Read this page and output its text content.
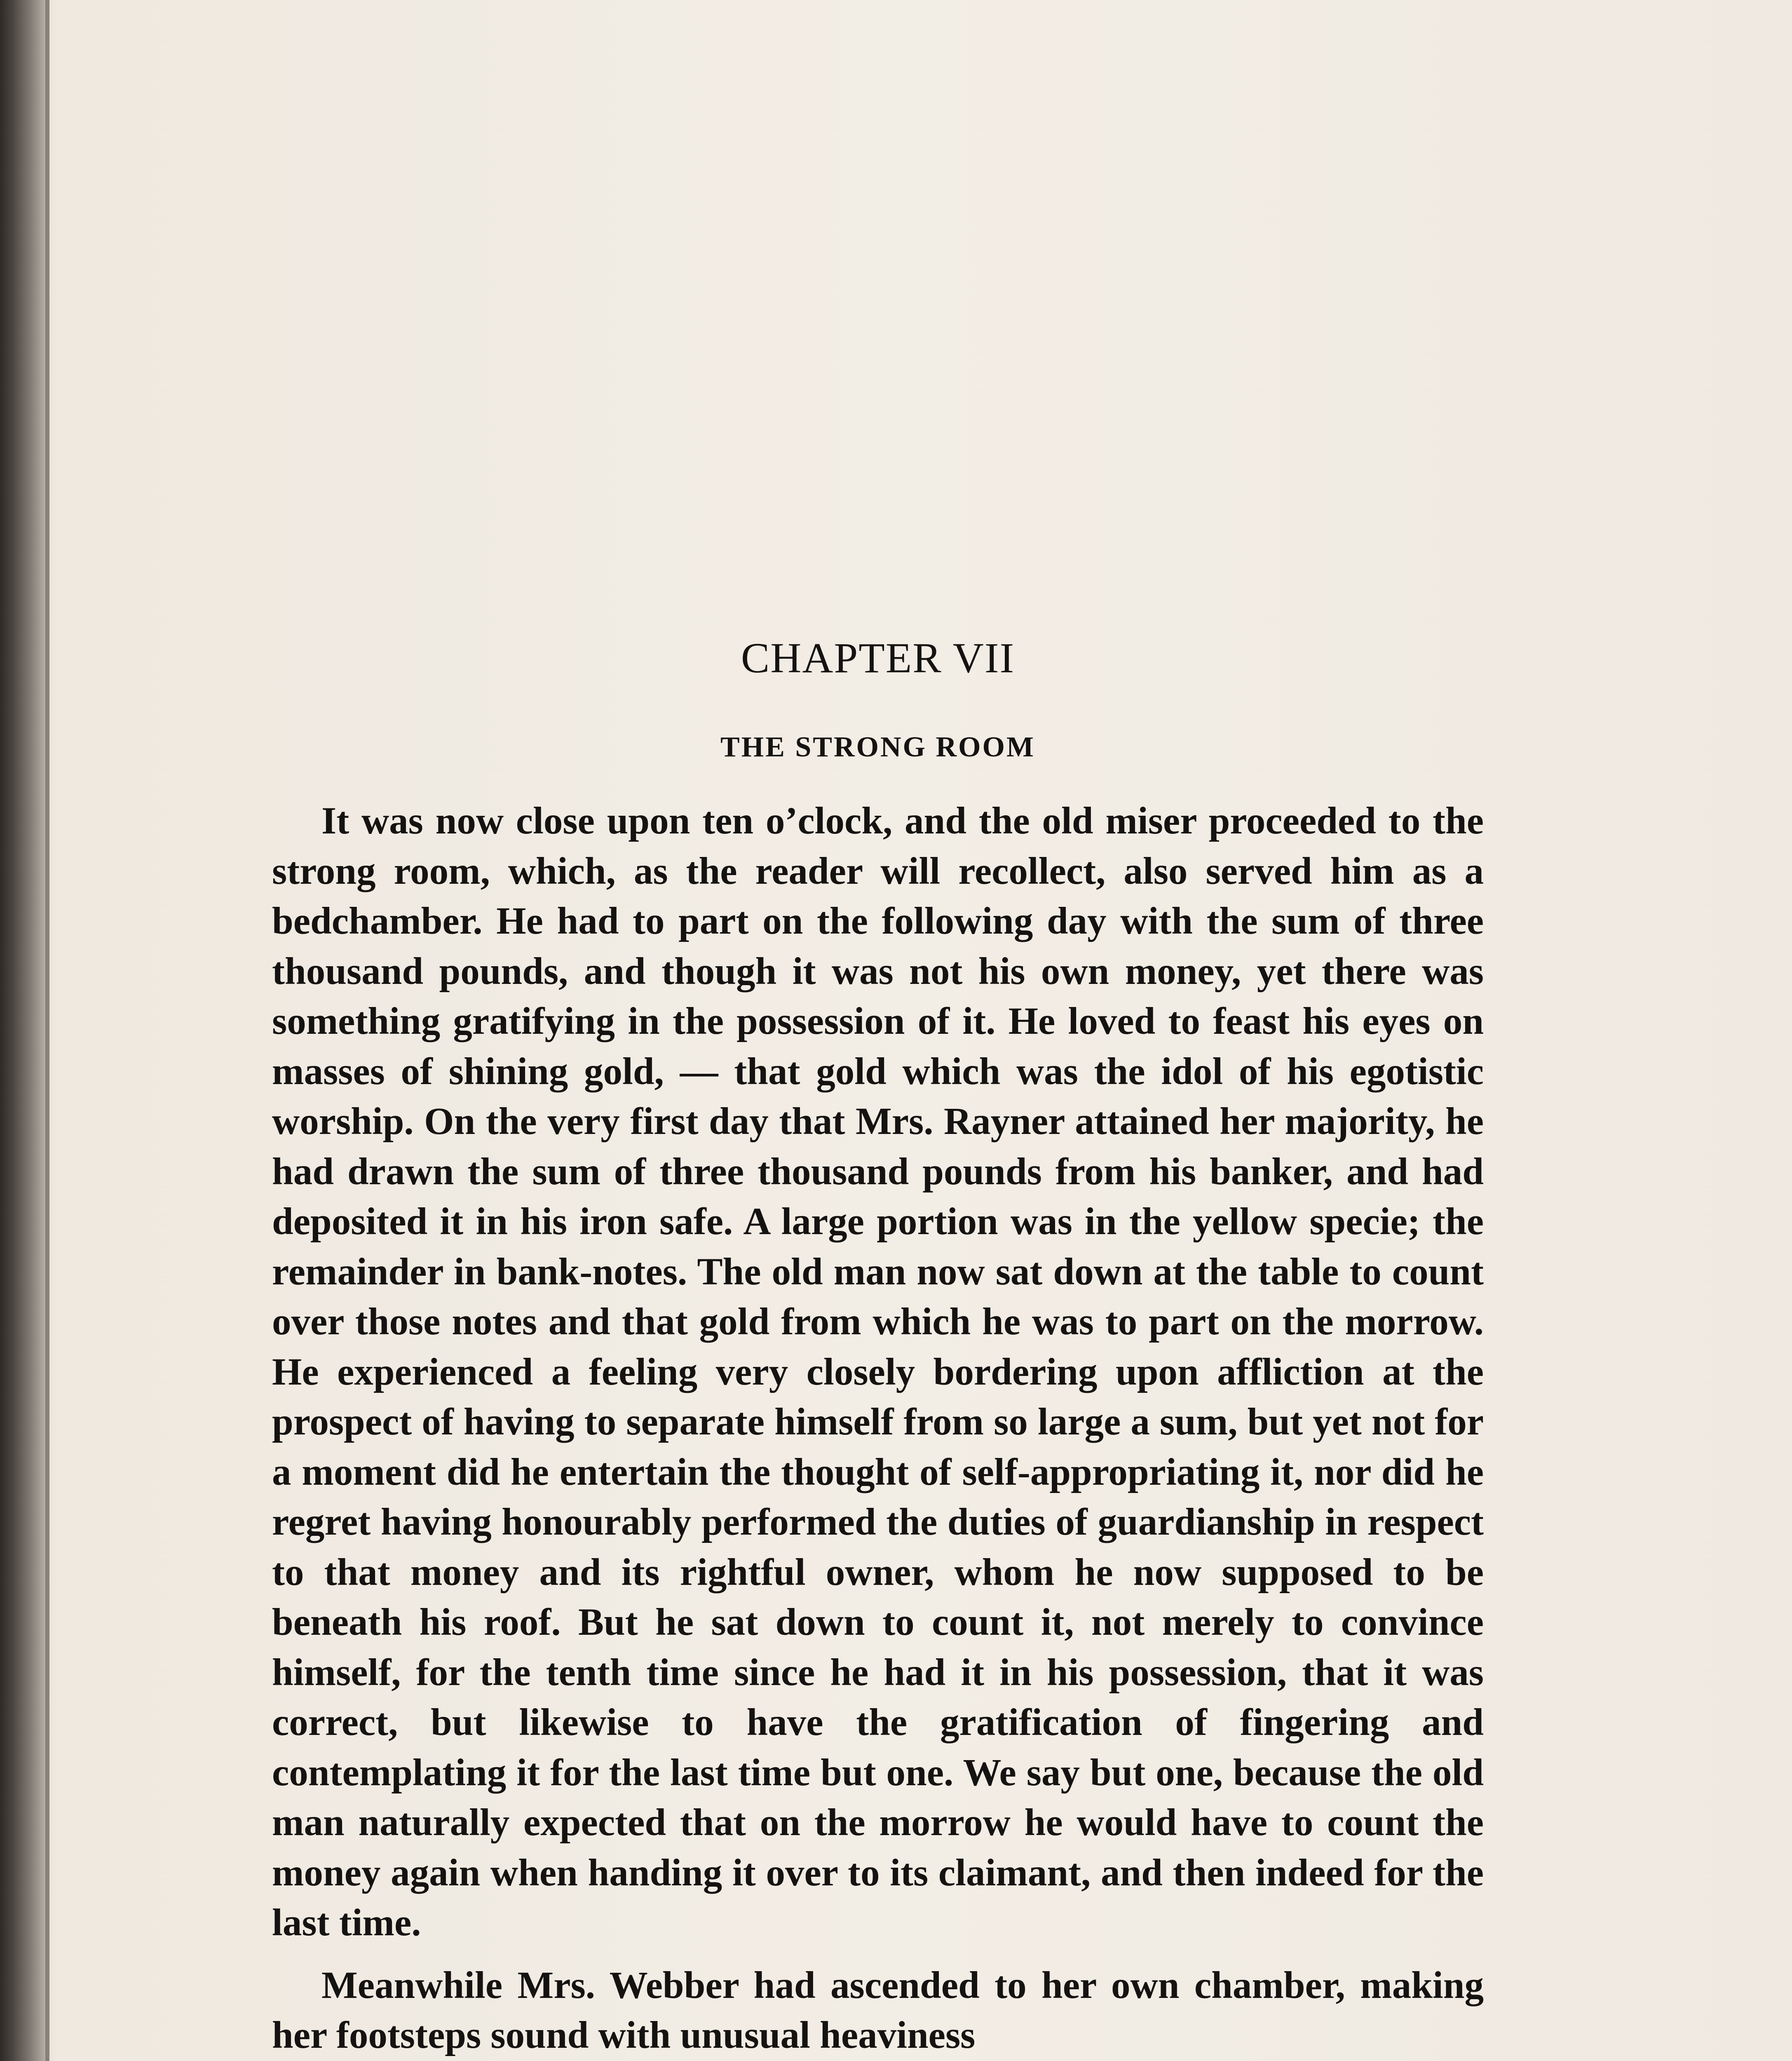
CHAPTER VII
THE STRONG ROOM

It was now close upon ten o’clock, and the old miser proceeded to the strong room, which, as the reader will recollect, also served him as a bedchamber. He had to part on the following day with the sum of three thousand pounds, and though it was not his own money, yet there was something gratifying in the possession of it. He loved to feast his eyes on masses of shining gold, — that gold which was the idol of his egotistic worship. On the very first day that Mrs. Rayner attained her majority, he had drawn the sum of three thousand pounds from his banker, and had deposited it in his iron safe. A large portion was in the yellow specie; the remainder in bank-notes. The old man now sat down at the table to count over those notes and that gold from which he was to part on the morrow. He experienced a feeling very closely bordering upon affliction at the prospect of having to separate himself from so large a sum, but yet not for a moment did he entertain the thought of self-appropriating it, nor did he regret having honourably performed the duties of guardianship in respect to that money and its rightful owner, whom he now supposed to be beneath his roof. But he sat down to count it, not merely to convince himself, for the tenth time since he had it in his possession, that it was correct, but likewise to have the gratification of fingering and contemplating it for the last time but one. We say but one, because the old man naturally expected that on the morrow he would have to count the money again when handing it over to its claimant, and then indeed for the last time.

Meanwhile Mrs. Webber had ascended to her own chamber, making her footsteps sound with unusual heaviness
